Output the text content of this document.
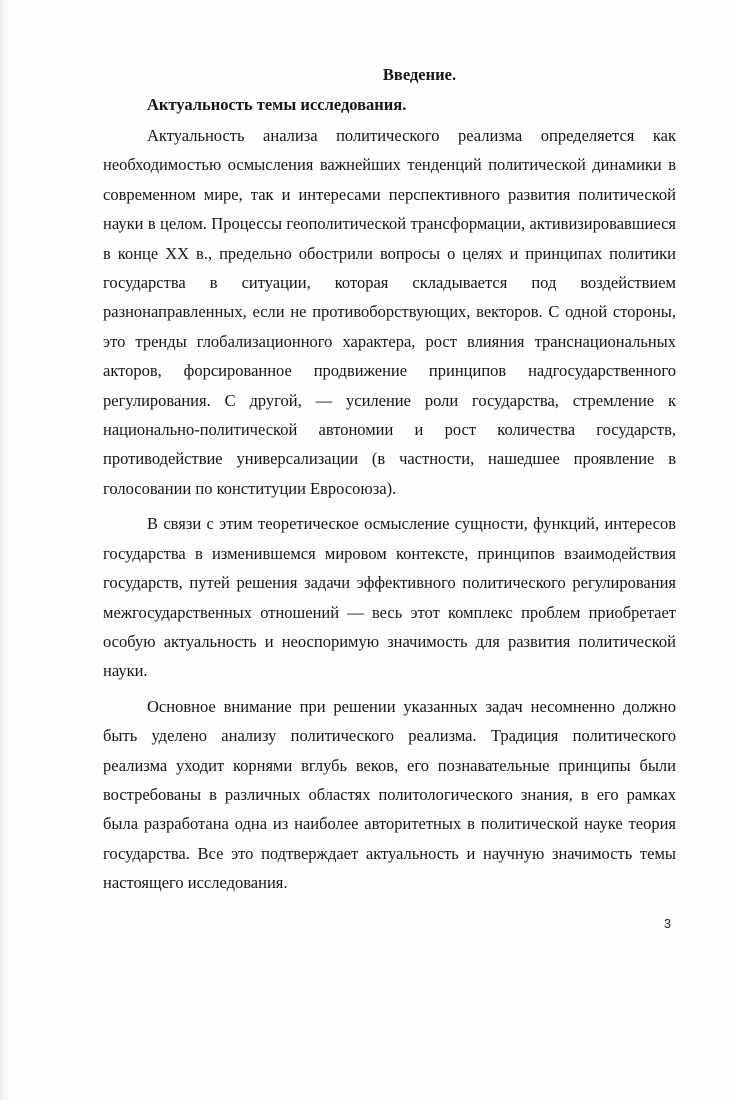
Введение.
Актуальность темы исследования.

Актуальность анализа политического реализма определяется как необходимостью осмысления важнейших тенденций политической динамики в современном мире, так и интересами перспективного развития политической науки в целом. Процессы геополитической трансформации, активизировавшиеся в конце XX в., предельно обострили вопросы о целях и принципах политики государства в ситуации, которая складывается под воздействием разнонаправленных, если не противоборствующих, векторов. С одной стороны, это тренды глобализационного характера, рост влияния транснациональных акторов, форсированное продвижение принципов надгосударственного регулирования. С другой, — усиление роли государства, стремление к национально-политической автономии и рост количества государств, противодействие универсализации (в частности, нашедшее проявление в голосовании по конституции Евросоюза).

В связи с этим теоретическое осмысление сущности, функций, интересов государства в изменившемся мировом контексте, принципов взаимодействия государств, путей решения задачи эффективного политического регулирования межгосударственных отношений — весь этот комплекс проблем приобретает особую актуальность и неоспоримую значимость для развития политической науки.

Основное внимание при решении указанных задач несомненно должно быть уделено анализу политического реализма. Традиция политического реализма уходит корнями вглубь веков, его познавательные принципы были востребованы в различных областях политологического знания, в его рамках была разработана одна из наиболее авторитетных в политической науке теория государства. Все это подтверждает актуальность и научную значимость темы настоящего исследования.

3
